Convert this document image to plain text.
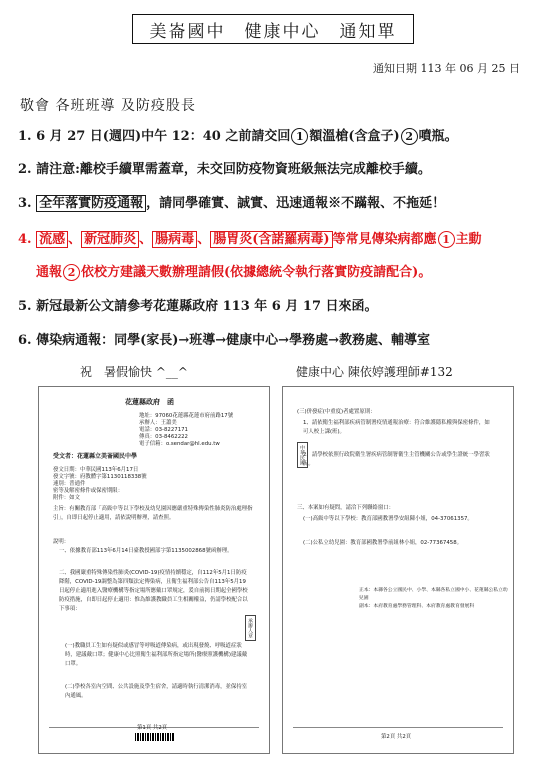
美崙國中　健康中心　通知單
通知日期 113 年 06 月 25 日
敬會 各班班導 及防疫股長
1. 6 月 27 日(週四)中午 12：40 之前請交回 1 額溫槍(含盒子) 2 噴瓶。
2. 請注意:離校手續單需蓋章，未交回防疫物資班級無法完成離校手續。
3. 全年落實防疫通報 ，請同學確實、誠實、迅速通報※不蹣報、不拖延！
4. 流感 、 新冠肺炎 、 腸病毒 、 腸胃炎(含諾羅病毒) 等常見傳染病都應 1 主動
通報 2 依校方建議天數辦理請假(依據總統令執行落實防疫請配合)。
5. 新冠最新公文請參考花蓮縣政府 113 年 6 月 17 日來函。
6. 傳染病通報：同學(家長)→班導→健康中心→學務處→教務處、輔導室
祝　暑假愉快 ^__^	健康中心 陳依婷護理師#132
花蓮縣政府　函
地址：97060花蓮縣花蓮市府前路17號
承辦人：王蕭美
電話：03-8227171
傳真：03-8462222
電子信箱：o.sendar@hl.edu.tw
受文者：花蓮縣立美崙國民中學
發文日期：中華民國113年6月17日
發文字號：府教體字第1130118338號
速別：普通件
密等及解密條件或保密期限：
附件：如文
主旨：有關教育部「高級中等以下學校及幼兒園因應嚴重特殊傳染性肺炎防治處理指引」，自即日起停止適用，請依說明辦理，請查照。
說明：
一、依據教育部113年6月14日臺教授國部字第1135002868號函辦理。
二、我國嚴重特殊傳染性肺炎(COVID-19)疫情持續穩定，自112年5月1日防疫降階，COVID-19調整為第四類法定傳染病，且衛生福利部公告自113年5月19日起停止適用進入醫療機構等指定場所應戴口罩規定，爰自前揭日期起全國學校防疫措施，自即日起停止適用：惟為維護教職員工生相關權益，仍請學校配合以下事項：
(一)教職員工生如有疑似或感冒等呼吸道傳染病，或出現發燒、呼吸道症狀時，建議戴口罩；健康中心比照衛生福利部所指定場所(醫療照護機構)建議戴口罩。
(二)學校各室內空間、公共設施及學生宿舍，請適時執行清潔消毒，並保持室內通風。
承辦人章
第1頁 共2頁
(三)併發症(中重度)者處置原則：
1、請依衛生福利部疾病管制署疫情通報治療：符合維護隱私權與保密條件，如可人校上課(班)。
2、請學校依照行政院衛生署疾病管制署衛生主管機關公告或學生證統一學習狀況。
三、本案如有疑問，請洽下列聯絡窗口：
(一)高級中等以下學校：教育部國教署學安組陳小姐，04-37061357。
(二)公私立幼兒園：教育部國教署學前組林小姐，02-77367458。
中華民國
正本：本縣各公立國民中、小學、本縣各私立國中小、花蓮縣公私立幼兒園
副本：本府教育處學務管理科、本府教育處教育發展科
第2頁 共2頁
